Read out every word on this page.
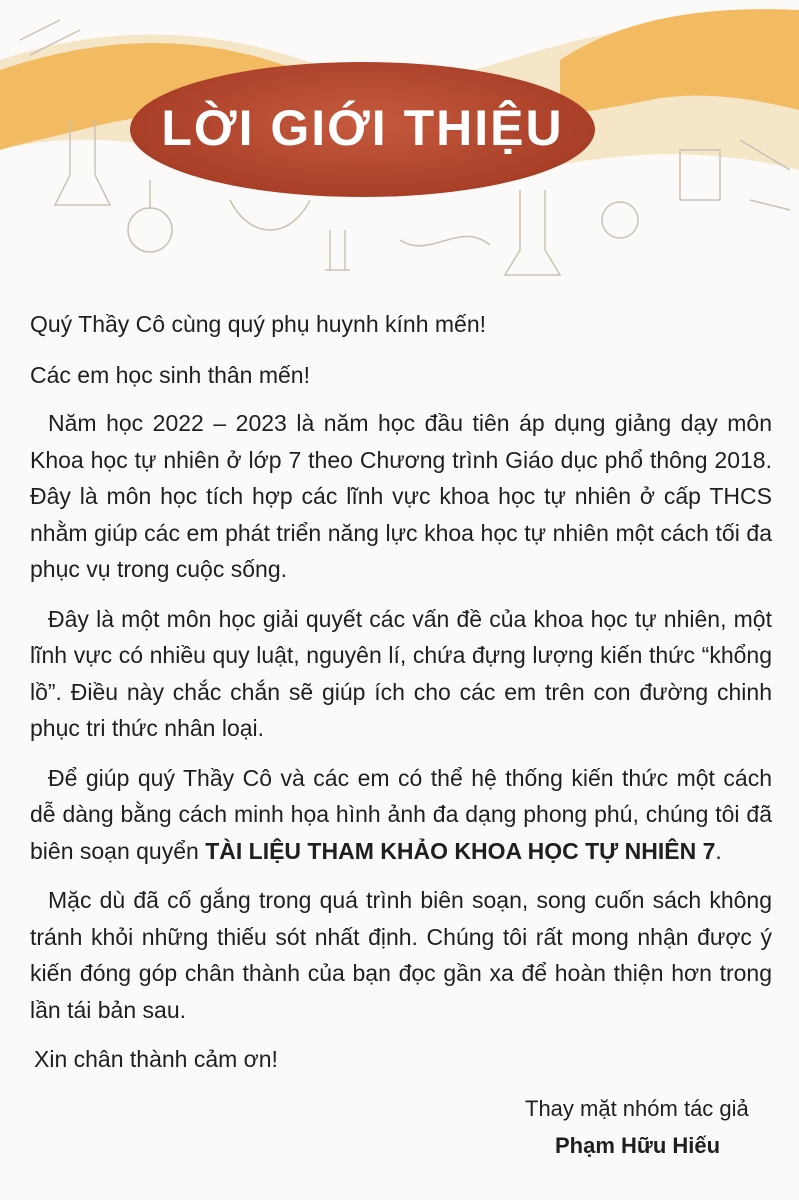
LỜI GIỚI THIỆU

Quý Thầy Cô cùng quý phụ huynh kính mến!

Các em học sinh thân mến!

Năm học 2022 – 2023 là năm học đầu tiên áp dụng giảng dạy môn Khoa học tự nhiên ở lớp 7 theo Chương trình Giáo dục phổ thông 2018. Đây là môn học tích hợp các lĩnh vực khoa học tự nhiên ở cấp THCS nhằm giúp các em phát triển năng lực khoa học tự nhiên một cách tối đa phục vụ trong cuộc sống.

Đây là một môn học giải quyết các vấn đề của khoa học tự nhiên, một lĩnh vực có nhiều quy luật, nguyên lí, chứa đựng lượng kiến thức “khổng lồ”. Điều này chắc chắn sẽ giúp ích cho các em trên con đường chinh phục tri thức nhân loại.

Để giúp quý Thầy Cô và các em có thể hệ thống kiến thức một cách dễ dàng bằng cách minh họa hình ảnh đa dạng phong phú, chúng tôi đã biên soạn quyển TÀI LIỆU THAM KHẢO KHOA HỌC TỰ NHIÊN 7.

Mặc dù đã cố gắng trong quá trình biên soạn, song cuốn sách không tránh khỏi những thiếu sót nhất định. Chúng tôi rất mong nhận được ý kiến đóng góp chân thành của bạn đọc gần xa để hoàn thiện hơn trong lần tái bản sau.

Xin chân thành cảm ơn!

Thay mặt nhóm tác giả

Phạm Hữu Hiếu
